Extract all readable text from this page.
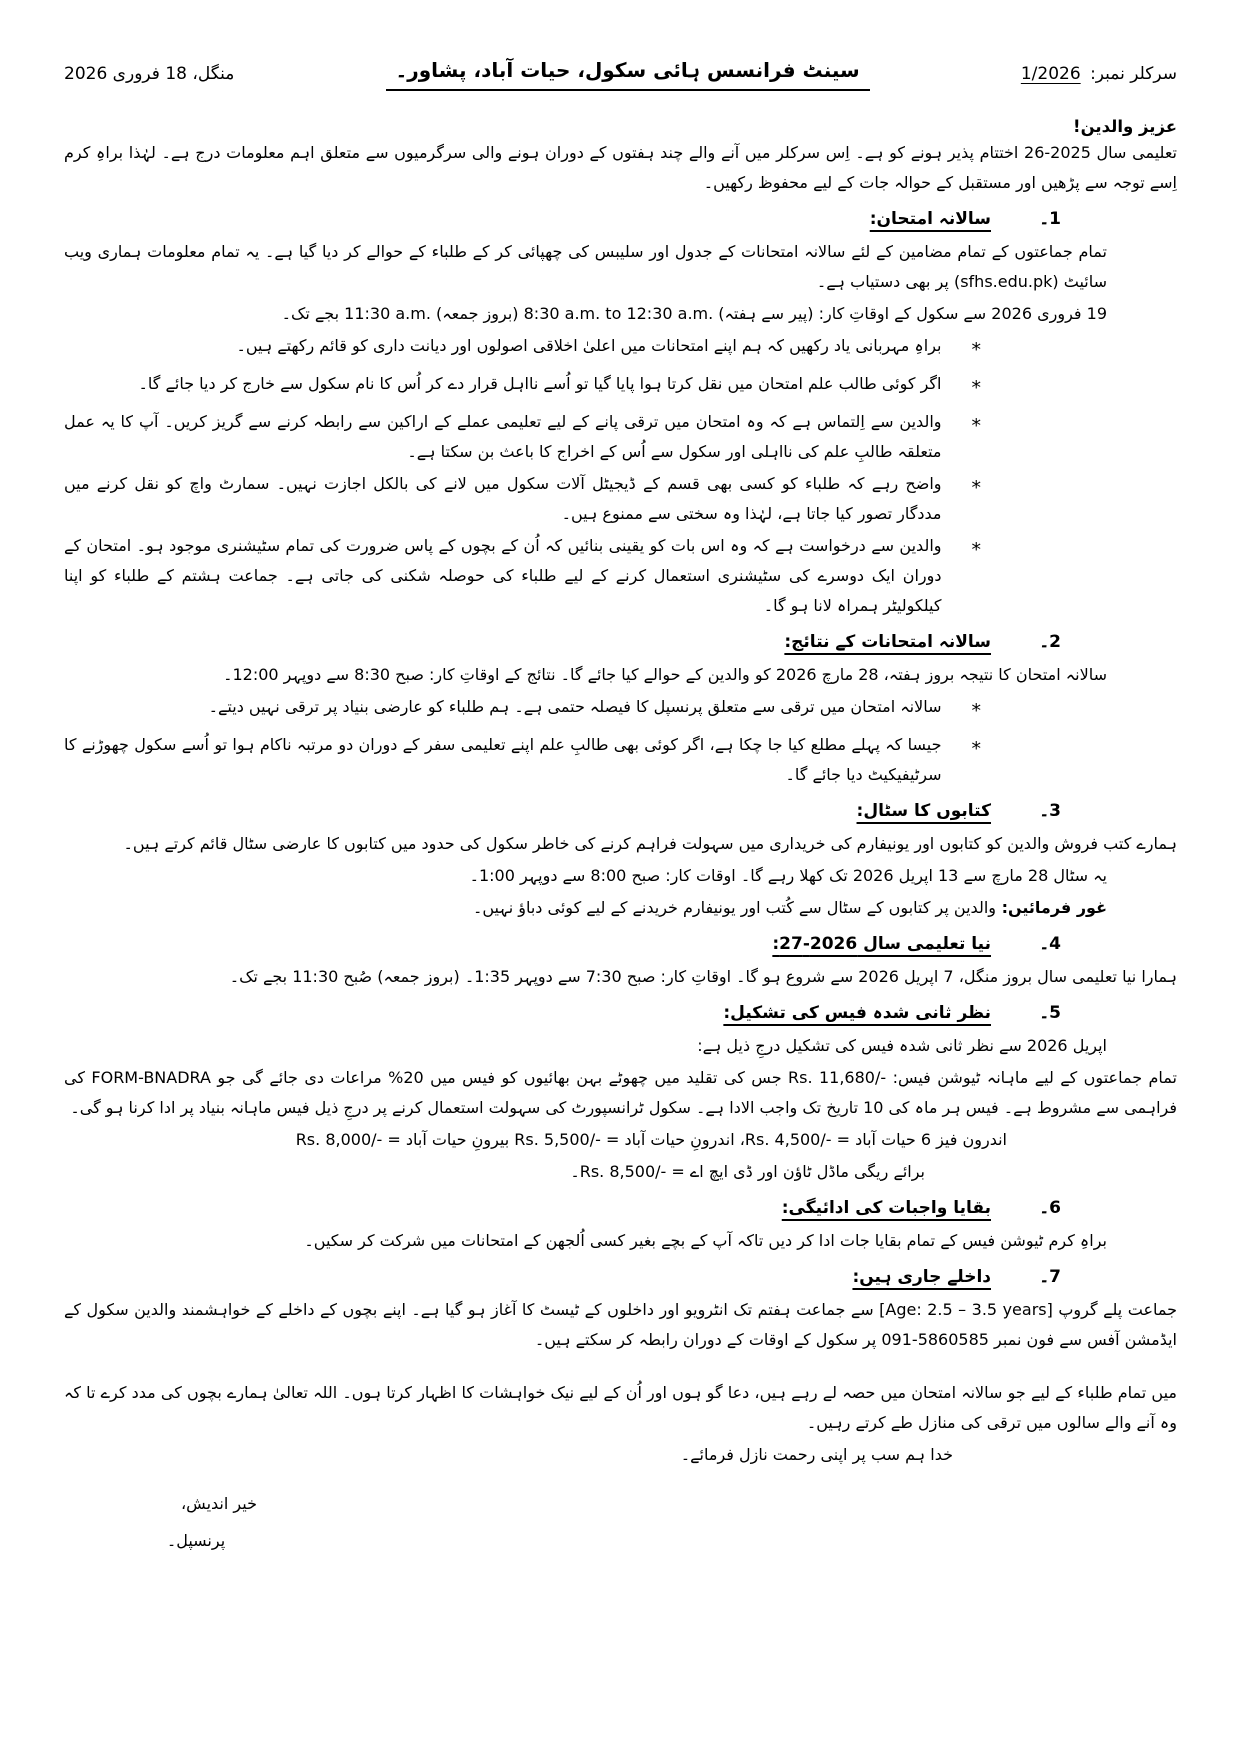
سرکلر نمبر: 1/2026
سینٹ فرانسس ہائی سکول، حیات آباد، پشاور۔
منگل، 18 فروری 2026
عزیز والدین!

تعلیمی سال 2025-26 اختتام پذیر ہونے کو ہے۔ اِس سرکلر میں آنے والے چند ہفتوں کے دوران ہونے والی سرگرمیوں سے متعلق اہم معلومات درج ہے۔ لہٰذا براہِ کرم اِسے توجہ سے پڑھیں اور مستقبل کے حوالہ جات کے لیے محفوظ رکھیں۔

1۔
سالانہ امتحان:

تمام جماعتوں کے تمام مضامین کے لئے سالانہ امتحانات کے جدول اور سلیبس کی چھپائی کر کے طلباء کے حوالے کر دیا گیا ہے۔ یہ تمام معلومات ہماری ویب سائیٹ ‎(sfhs.edu.pk)‎ پر بھی دستیاب ہے۔

19 فروری 2026 سے سکول کے اوقاتِ کار: (پیر سے ہفتہ) ‎8:30 a.m. to 12:30 a.m.‎ (بروز جمعہ) ‎11:30 a.m.‎ بجے تک۔

*
براہِ مہربانی یاد رکھیں کہ ہم اپنے امتحانات میں اعلیٰ اخلاقی اصولوں اور دیانت داری کو قائم رکھتے ہیں۔
*
اگر کوئی طالب علم امتحان میں نقل کرتا ہوا پایا گیا تو اُسے نااہل قرار دے کر اُس کا نام سکول سے خارج کر دیا جائے گا۔
*
والدین سے اِلتماس ہے کہ وہ امتحان میں ترقی پانے کے لیے تعلیمی عملے کے اراکین سے رابطہ کرنے سے گریز کریں۔ آپ کا یہ عمل متعلقہ طالبِ علم کی نااہلی اور سکول سے اُس کے اخراج کا باعث بن سکتا ہے۔
*
واضح رہے کہ طلباء کو کسی بھی قسم کے ڈیجیٹل آلات سکول میں لانے کی بالکل اجازت نہیں۔ سمارٹ واچ کو نقل کرنے میں مددگار تصور کیا جاتا ہے، لہٰذا وہ سختی سے ممنوع ہیں۔
*
والدین سے درخواست ہے کہ وہ اس بات کو یقینی بنائیں کہ اُن کے بچوں کے پاس ضرورت کی تمام سٹیشنری موجود ہو۔ امتحان کے دوران ایک دوسرے کی سٹیشنری استعمال کرنے کے لیے طلباء کی حوصلہ شکنی کی جاتی ہے۔ جماعت ہشتم کے طلباء کو اپنا کیلکولیٹر ہمراہ لانا ہو گا۔
2۔
سالانہ امتحانات کے نتائج:

سالانہ امتحان کا نتیجہ بروز ہفتہ، 28 مارچ 2026 کو والدین کے حوالے کیا جائے گا۔ نتائج کے اوقاتِ کار: صبح 8:30 سے دوپہر 12:00۔

*
سالانہ امتحان میں ترقی سے متعلق پرنسپل کا فیصلہ حتمی ہے۔ ہم طلباء کو عارضی بنیاد پر ترقی نہیں دیتے۔
*
جیسا کہ پہلے مطلع کیا جا چکا ہے، اگر کوئی بھی طالبِ علم اپنے تعلیمی سفر کے دوران دو مرتبہ ناکام ہوا تو اُسے سکول چھوڑنے کا سرٹیفیکیٹ دیا جائے گا۔
3۔
کتابوں کا سٹال:

ہمارے کتب فروش والدین کو کتابوں اور یونیفارم کی خریداری میں سہولت فراہم کرنے کی خاطر سکول کی حدود میں کتابوں کا عارضی سٹال قائم کرتے ہیں۔

یہ سٹال 28 مارچ سے 13 اپریل 2026 تک کھلا رہے گا۔ اوقات کار: صبح 8:00 سے دوپہر 1:00۔

غور فرمائیں: والدین پر کتابوں کے سٹال سے کُتب اور یونیفارم خریدنے کے لیے کوئی دباؤ نہیں۔

4۔
نیا تعلیمی سال 2026-27:

ہمارا نیا تعلیمی سال بروز منگل، 7 اپریل 2026 سے شروع ہو گا۔ اوقاتِ کار: صبح 7:30 سے دوپہر 1:35۔ (بروز جمعہ) صُبح 11:30 بجے تک۔

5۔
نظر ثانی شدہ فیس کی تشکیل:

اپریل 2026 سے نظر ثانی شدہ فیس کی تشکیل درجِ ذیل ہے:

تمام جماعتوں کے لیے ماہانہ ٹیوشن فیس: ‎Rs. 11,680/-‎ جس کی تقلید میں چھوٹے بہن بھائیوں کو فیس میں 20% مراعات دی جائے گی جو FORM-BNADRA کی فراہمی سے مشروط ہے۔ فیس ہر ماہ کی 10 تاریخ تک واجب الادا ہے۔ سکول ٹرانسپورٹ کی سہولت استعمال کرنے پر درجِ ذیل فیس ماہانہ بنیاد پر ادا کرنا ہو گی۔

اندرون فیز 6 حیات آباد = ‎Rs. 4,500/-‎، اندرونِ حیات آباد = ‎Rs. 5,500/-‎ بیرونِ حیات آباد = ‎Rs. 8,000/-‎

برائے ریگی ماڈل ٹاؤن اور ڈی ایچ اے = ‎Rs. 8,500/-‎۔

6۔
بقایا واجبات کی ادائیگی:

براہِ کرم ٹیوشن فیس کے تمام بقایا جات ادا کر دیں تاکہ آپ کے بچے بغیر کسی اُلجھن کے امتحانات میں شرکت کر سکیں۔

7۔
داخلے جاری ہیں:

جماعت پلے گروپ ‎[Age: 2.5 – 3.5 years]‎ سے جماعت ہفتم تک انٹرویو اور داخلوں کے ٹیسٹ کا آغاز ہو گیا ہے۔ اپنے بچوں کے داخلے کے خواہشمند والدین سکول کے ایڈمشن آفس سے فون نمبر ‎091-5860585‎ پر سکول کے اوقات کے دوران رابطہ کر سکتے ہیں۔

میں تمام طلباء کے لیے جو سالانہ امتحان میں حصہ لے رہے ہیں، دعا گو ہوں اور اُن کے لیے نیک خواہشات کا اظہار کرتا ہوں۔ اللہ تعالیٰ ہمارے بچوں کی مدد کرے تا کہ وہ آنے والے سالوں میں ترقی کی منازل طے کرتے رہیں۔

خدا ہم سب پر اپنی رحمت نازل فرمائے۔

خیر اندیش،
پرنسپل۔
